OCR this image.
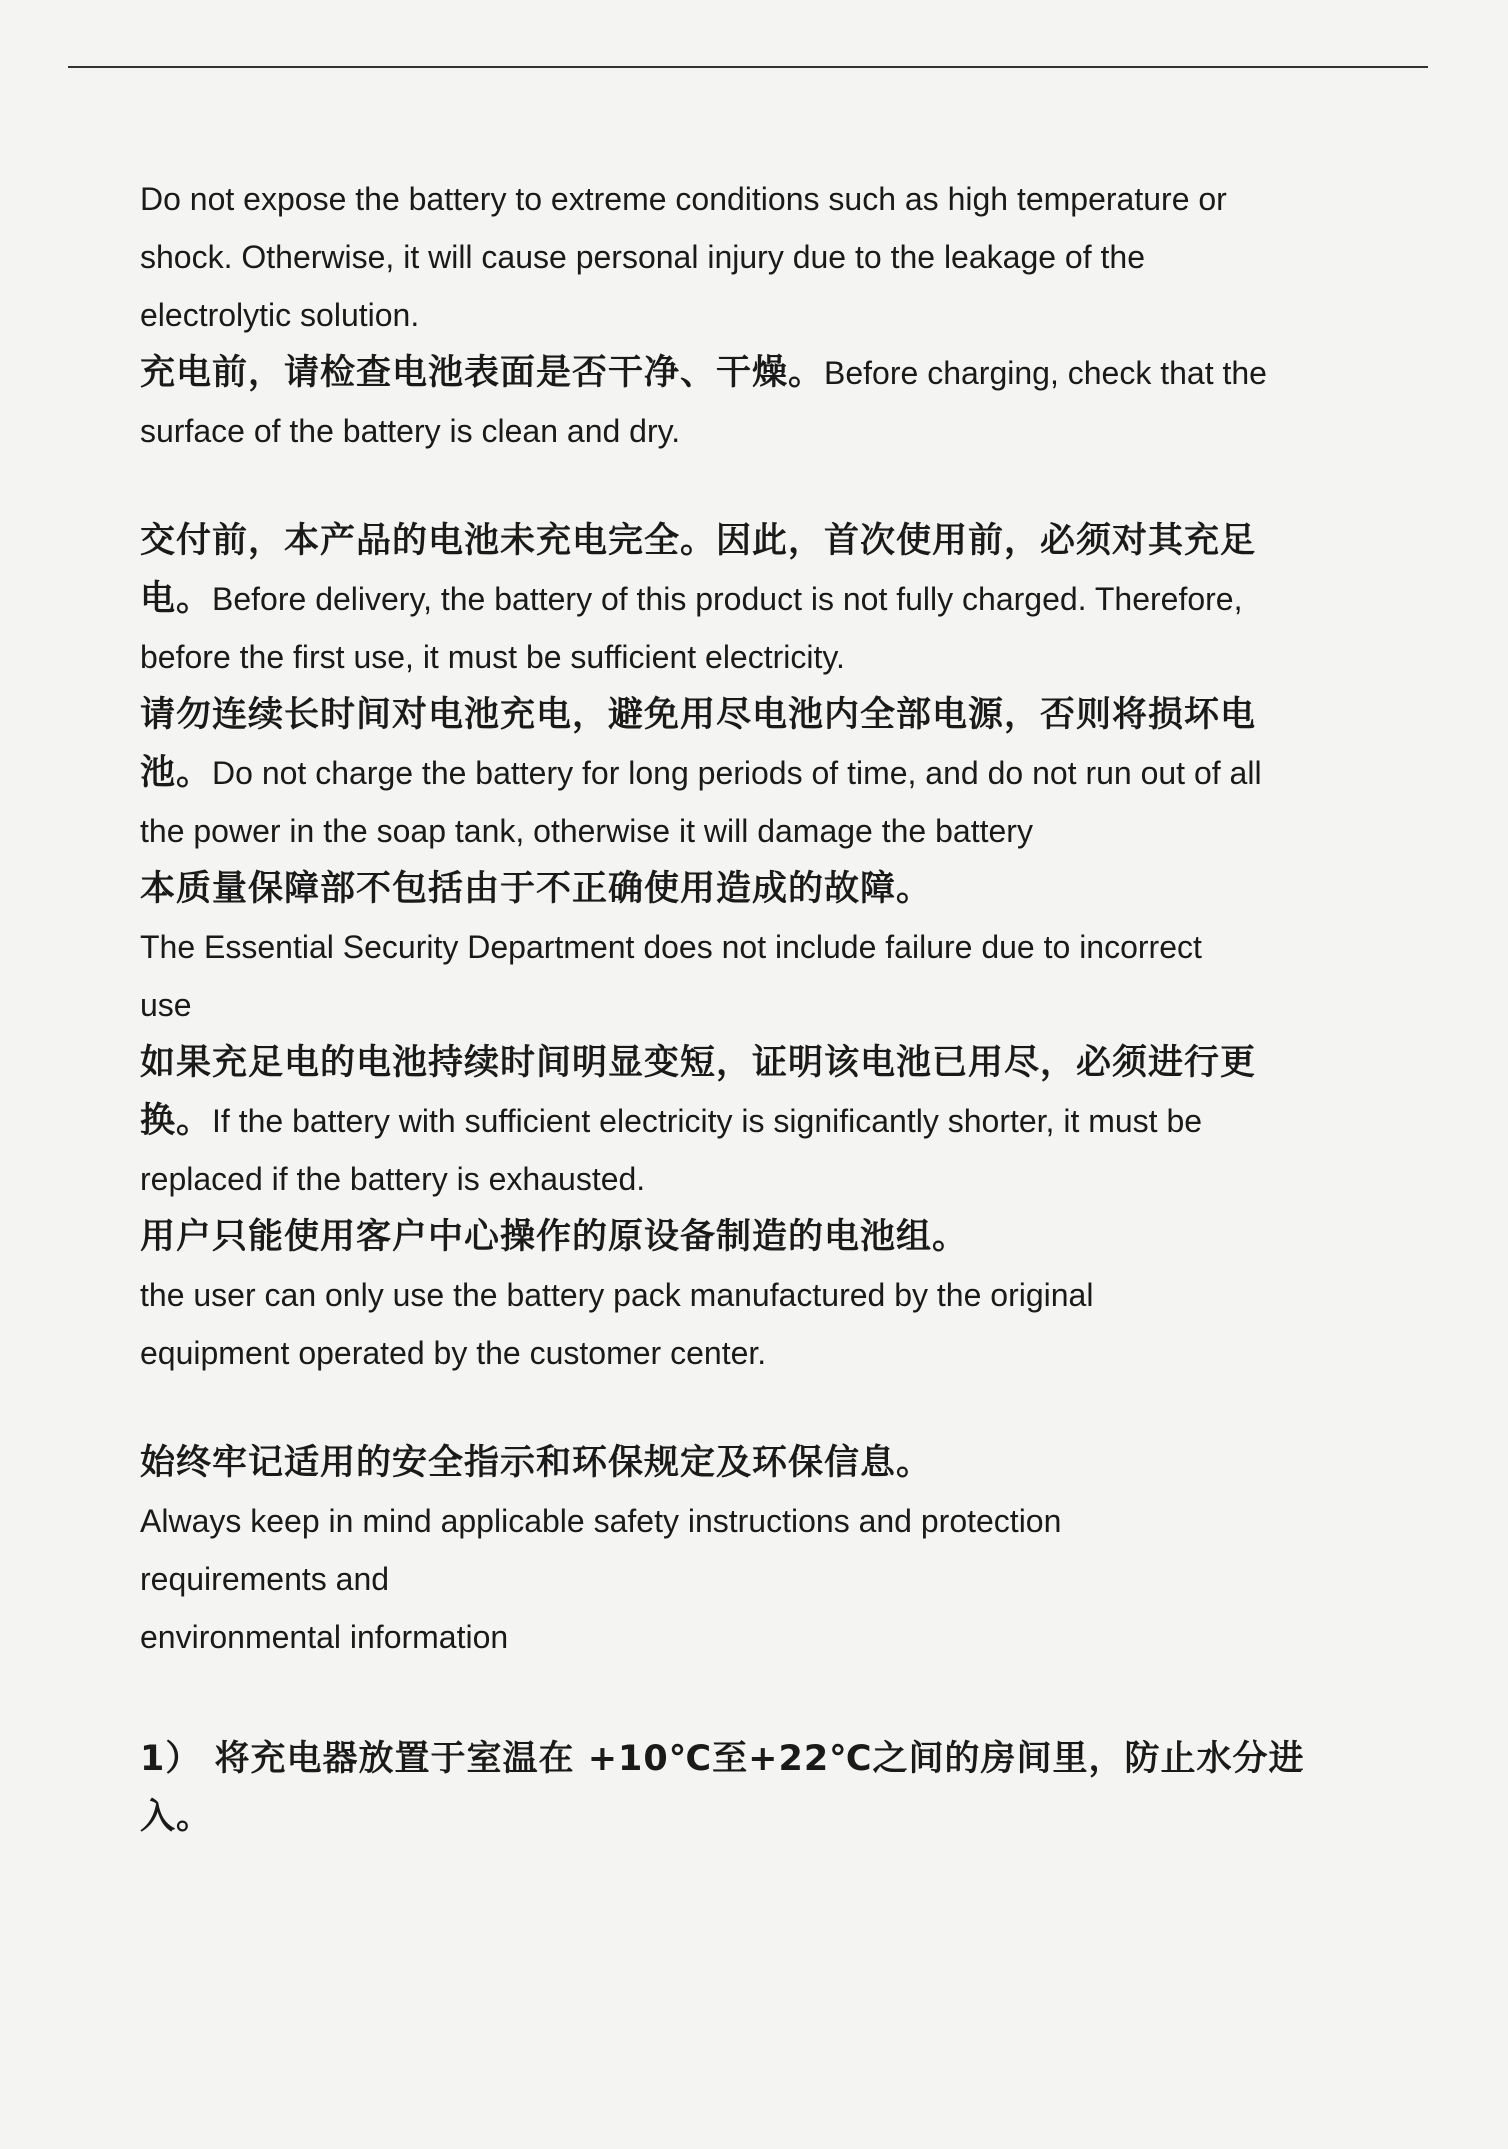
Do not expose the battery to extreme conditions such as high temperature or

shock. Otherwise, it will cause personal injury due to the leakage of the

electrolytic solution.

充电前，请检查电池表面是否干净、干燥。Before charging, check that the

surface of the battery is clean and dry.

交付前，本产品的电池未充电完全。因此，首次使用前，必须对其充足

电。Before delivery, the battery of this product is not fully charged. Therefore,

before the first use, it must be sufficient electricity.

请勿连续长时间对电池充电，避免用尽电池内全部电源，否则将损坏电

池。Do not charge the battery for long periods of time, and do not run out of all

the power in the soap tank, otherwise it will damage the battery

本质量保障部不包括由于不正确使用造成的故障。

The Essential Security Department does not include failure due to incorrect

use

如果充足电的电池持续时间明显变短，证明该电池已用尽，必须进行更

换。If the battery with sufficient electricity is significantly shorter, it must be

replaced if the battery is exhausted.

用户只能使用客户中心操作的原设备制造的电池组。

the user can only use the battery pack manufactured by the original

equipment operated by the customer center.

始终牢记适用的安全指示和环保规定及环保信息。

Always keep in mind applicable safety instructions and protection

requirements and

environmental information

1） 将充电器放置于室温在 +10℃至+22℃之间的房间里，防止水分进

入。
